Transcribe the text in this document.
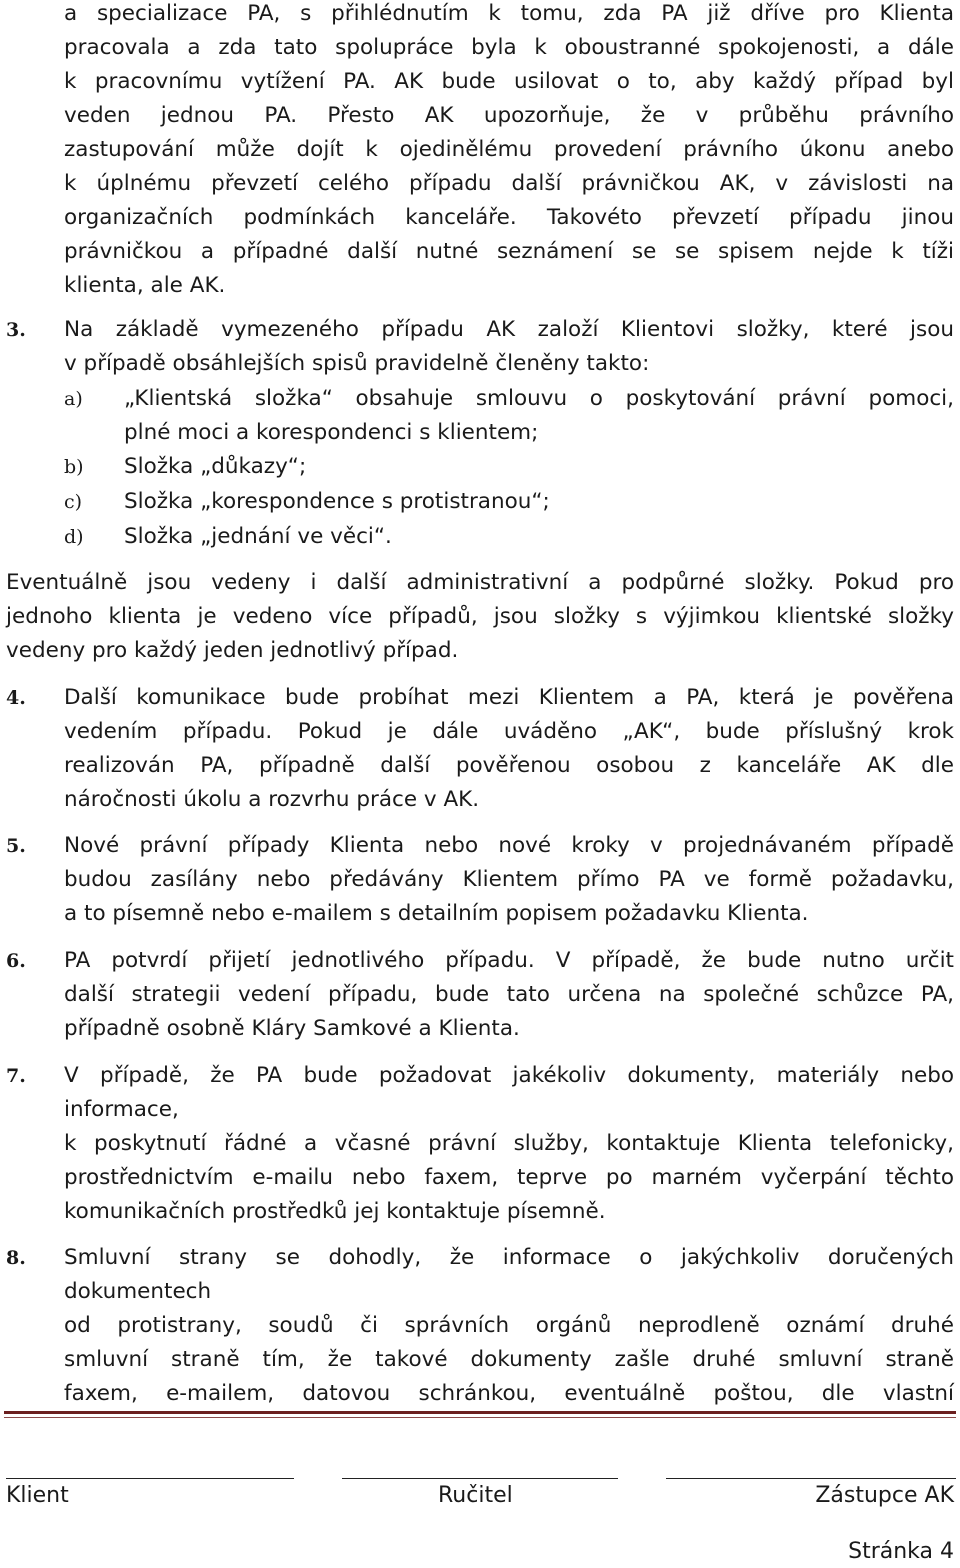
a specializace PA, s přihlédnutím k tomu, zda PA již dříve pro Klienta
pracovala a zda tato spolupráce byla k oboustranné spokojenosti, a dále
k pracovnímu vytížení PA. AK bude usilovat o to, aby každý případ byl
veden jednou PA. Přesto AK upozorňuje, že v průběhu právního
zastupování může dojít k ojedinělému provedení právního úkonu anebo
k úplnému převzetí celého případu další právničkou AK, v závislosti na
organizačních podmínkách kanceláře. Takovéto převzetí případu jinou
právničkou a případné další nutné seznámení se se spisem nejde k tíži
klienta, ale AK.
3. Na základě vymezeného případu AK založí Klientovi složky, které jsou
v případě obsáhlejších spisů pravidelně členěny takto:
a) „Klientská složka“ obsahuje smlouvu o poskytování právní pomoci,
plné moci a korespondenci s klientem;
b) Složka „důkazy“;
c) Složka „korespondence s protistranou“;
d) Složka „jednání ve věci“.
Eventuálně jsou vedeny i další administrativní a podpůrné složky. Pokud pro
jednoho klienta je vedeno více případů, jsou složky s výjimkou klientské složky
vedeny pro každý jeden jednotlivý případ.
4. Další komunikace bude probíhat mezi Klientem a PA, která je pověřena
vedením případu. Pokud je dále uváděno „AK“, bude příslušný krok
realizován PA, případně další pověřenou osobou z kanceláře AK dle
náročnosti úkolu a rozvrhu práce v AK.
5. Nové právní případy Klienta nebo nové kroky v projednávaném případě
budou zasílány nebo předávány Klientem přímo PA ve formě požadavku,
a to písemně nebo e-mailem s detailním popisem požadavku Klienta.
6. PA potvrdí přijetí jednotlivého případu. V případě, že bude nutno určit
další strategii vedení případu, bude tato určena na společné schůzce PA,
případně osobně Kláry Samkové a Klienta.
7. V případě, že PA bude požadovat jakékoliv dokumenty, materiály nebo
informace,
k poskytnutí řádné a včasné právní služby, kontaktuje Klienta telefonicky,
prostřednictvím e-mailu nebo faxem, teprve po marném vyčerpání těchto
komunikačních prostředků jej kontaktuje písemně.
8. Smluvní strany se dohodly, že informace o jakýchkoliv doručených
dokumentech
od protistrany, soudů či správních orgánů neprodleně oznámí druhé
smluvní straně tím, že takové dokumenty zašle druhé smluvní straně
faxem, e-mailem, datovou schránkou, eventuálně poštou, dle vlastní
Klient	Ručitel	Zástupce AK
Stránka 4
